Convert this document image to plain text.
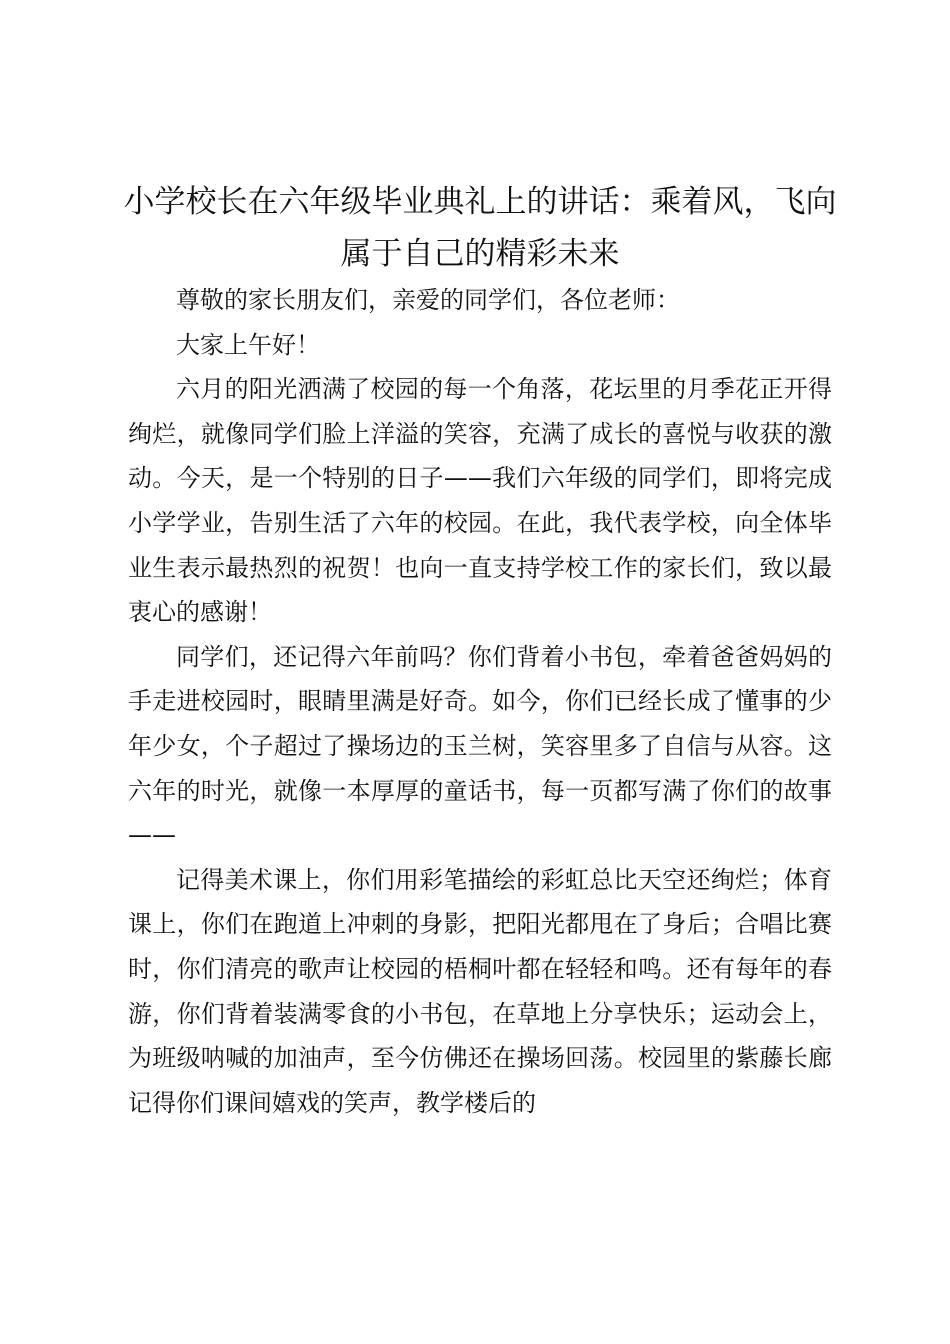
小学校长在六年级毕业典礼上的讲话：乘着风，飞向属于自己的精彩未来

尊敬的家长朋友们，亲爱的同学们，各位老师：

大家上午好！

六月的阳光洒满了校园的每一个角落，花坛里的月季花正开得绚烂，就像同学们脸上洋溢的笑容，充满了成长的喜悦与收获的激动。今天，是一个特别的日子——我们六年级的同学们，即将完成小学学业，告别生活了六年的校园。在此，我代表学校，向全体毕业生表示最热烈的祝贺！也向一直支持学校工作的家长们，致以最衷心的感谢！

同学们，还记得六年前吗？你们背着小书包，牵着爸爸妈妈的手走进校园时，眼睛里满是好奇。如今，你们已经长成了懂事的少年少女，个子超过了操场边的玉兰树，笑容里多了自信与从容。这六年的时光，就像一本厚厚的童话书，每一页都写满了你们的故事——

记得美术课上，你们用彩笔描绘的彩虹总比天空还绚烂；体育课上，你们在跑道上冲刺的身影，把阳光都甩在了身后；合唱比赛时，你们清亮的歌声让校园的梧桐叶都在轻轻和鸣。还有每年的春游，你们背着装满零食的小书包，在草地上分享快乐；运动会上，为班级呐喊的加油声，至今仿佛还在操场回荡。校园里的紫藤长廊记得你们课间嬉戏的笑声，教学楼后的
